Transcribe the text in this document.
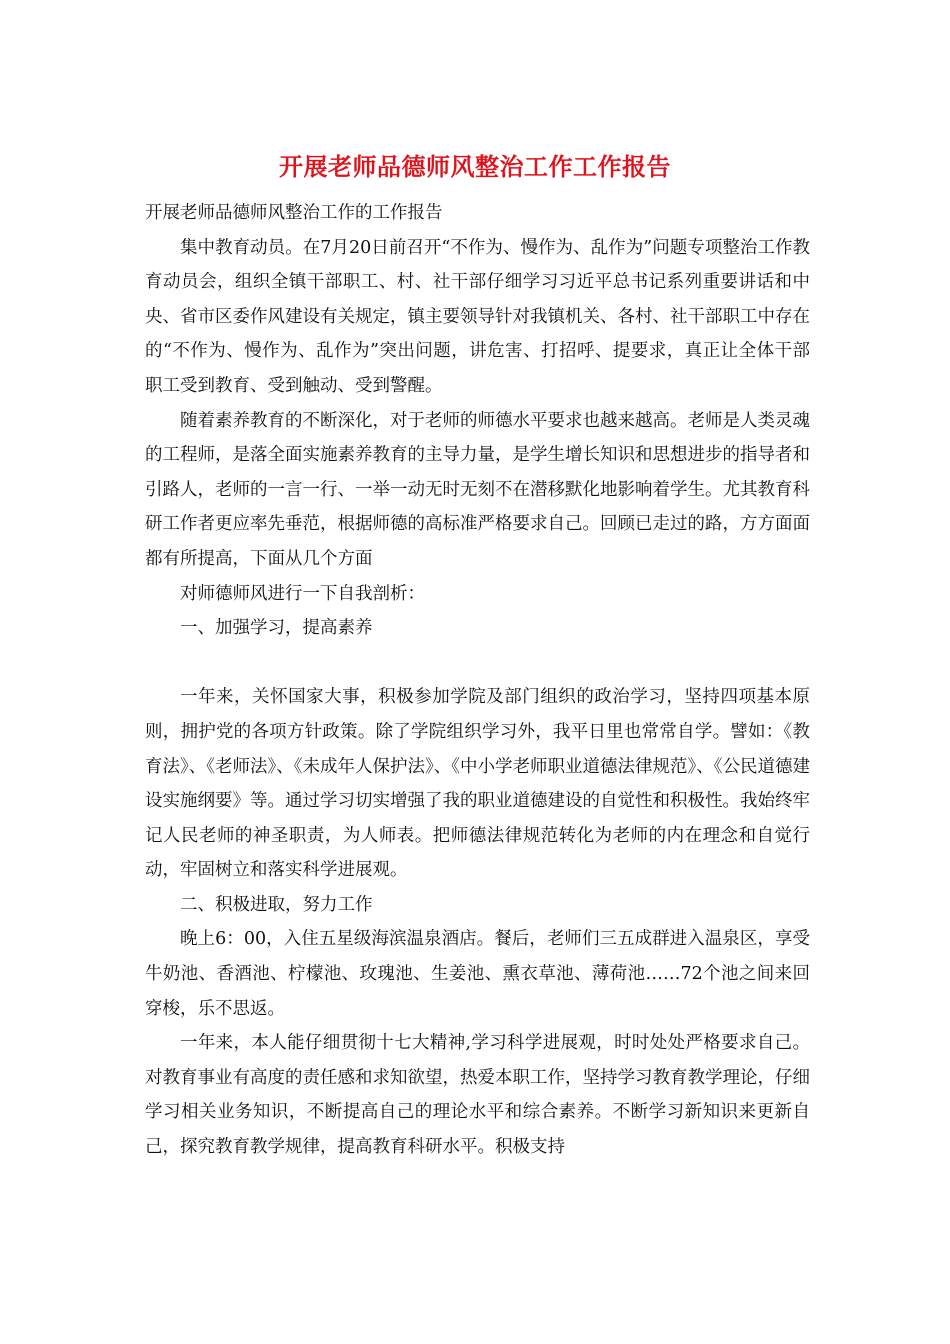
开展老师品德师风整治工作工作报告

开展老师品德师风整治工作的工作报告

集中教育动员。在7月20日前召开“不作为、慢作为、乱作为”问题专项整治工作教育动员会，组织全镇干部职工、村、社干部仔细学习习近平总书记系列重要讲话和中央、省市区委作风建设有关规定，镇主要领导针对我镇机关、各村、社干部职工中存在的“不作为、慢作为、乱作为”突出问题，讲危害、打招呼、提要求，真正让全体干部职工受到教育、受到触动、受到警醒。

随着素养教育的不断深化，对于老师的师德水平要求也越来越高。老师是人类灵魂的工程师，是落全面实施素养教育的主导力量，是学生增长知识和思想进步的指导者和引路人，老师的一言一行、一举一动无时无刻不在潜移默化地影响着学生。尤其教育科研工作者更应率先垂范，根据师德的高标准严格要求自己。回顾已走过的路，方方面面都有所提高，下面从几个方面

对师德师风进行一下自我剖析：

一、加强学习，提高素养

一年来，关怀国家大事，积极参加学院及部门组织的政治学习，坚持四项基本原则，拥护党的各项方针政策。除了学院组织学习外，我平日里也常常自学。譬如：《教育法》、《老师法》、《未成年人保护法》、《中小学老师职业道德法律规范》、《公民道德建设实施纲要》等。通过学习切实增强了我的职业道德建设的自觉性和积极性。我始终牢记人民老师的神圣职责，为人师表。把师德法律规范转化为老师的内在理念和自觉行动，牢固树立和落实科学进展观。

二、积极进取，努力工作

晚上6：00，入住五星级海滨温泉酒店。餐后，老师们三五成群进入温泉区，享受牛奶池、香酒池、柠檬池、玫瑰池、生姜池、熏衣草池、薄荷池……72个池之间来回穿梭，乐不思返。

一年来，本人能仔细贯彻十七大精神,学习科学进展观，时时处处严格要求自己。对教育事业有高度的责任感和求知欲望，热爱本职工作，坚持学习教育教学理论，仔细学习相关业务知识，不断提高自己的理论水平和综合素养。不断学习新知识来更新自己，探究教育教学规律，提高教育科研水平。积极支持
